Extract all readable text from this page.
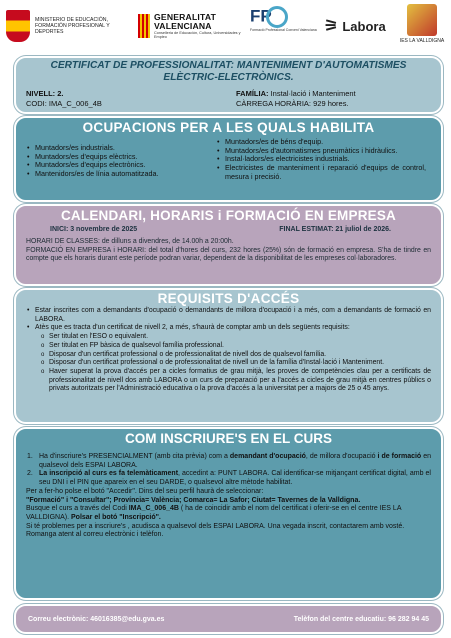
MINISTERIO DE EDUCACIÓN, FORMACIÓN PROFESIONAL Y DEPORTES
GENERALITAT VALENCIANA
Conselleria de Educación, Cultura, Universidades y Empleo
FP
Formació Professional Conveni Valenciana ⚞ Labora
IES LA VALLDIGNA
CERTIFICAT DE PROFESSIONALITAT: MANTENIMENT D'AUTOMATISMES ELÈCTRIC-ELECTRÒNICS.
NIVELL: 2.
CODI: IMA_C_006_4B
FAMÍLIA: Instal·lació i Manteniment
CÀRREGA HORÀRIA: 929 hores.
OCUPACIONS PER A LES QUALS HABILITA
• Muntadors/es industrials.
• Muntadors/es d'equips elèctrics.
• Muntadors/es d'equips electrònics.
• Mantenidors/es de línia automatitzada.
• Muntadors/es de béns d'equip.
• Muntadors/es d'automatismes pneumàtics i hidràulics.
• Instal·ladors/es electricistes industrials.
• Electricistes de manteniment i reparació d'equips de control, mesura i precisió.
CALENDARI, HORARIS i FORMACIÓ EN EMPRESA
INICI: 3 novembre de 2025	FINAL ESTIMAT: 21 juliol de 2026.

HORARI DE CLASSES: de dilluns a divendres, de 14.00h a 20:00h.

FORMACIÓ EN EMPRESA i HORARI: del total d'hores del curs, 232 hores (25%) són de formació en empresa. S'ha de tindre en compte que els horaris durant este període podran variar, dependent de la disponibilitat de les empreses col·laboradores.

REQUISITS D'ACCÉS
• Estar inscrites com a demandants d'ocupació o demandants de millora d'ocupació i a més, com a demandants de formació en LABORA.
• Atès que es tracta d'un certificat de nivell 2, a més, s'haurà de comptar amb un dels següents requisits:
o Ser titulat en l'ESO o equivalent.
o Ser titulat en FP bàsica de qualsevol família professional.
o Disposar d'un certificat professional o de professionalitat de nivell dos de qualsevol família.
o Disposar d'un certificat professional o de professionalitat de nivell un de la família d'Instal·lació i Manteniment.
o Haver superat la prova d'accés per a cicles formatius de grau mitjà, les proves de competències clau per a certificats de professionalitat de nivell dos amb LABORA o un curs de preparació per a l'accés a cicles de grau mitjà en centres públics o privats autoritzats per l'Administració educativa o la prova d'accés a la universitat per a majors de 25 o 45 anys.
COM INSCRIURE'S EN EL CURS
1. Ha d'inscriure's PRESENCIALMENT (amb cita prèvia) com a demandant d'ocupació, de millora d'ocupació i de formació en qualsevol dels ESPAI LABORA.
2. La inscripció al curs es fa telemàticament, accedint a: PUNT LABORA. Cal identificar-se mitjançant certificat digital, amb el seu DNI i el PIN que apareix en el seu DARDE, o qualsevol altre mètode habilitat.

Per a fer-ho polse el botó "Accedir". Dins del seu perfil haurà de seleccionar:

"Formació" i "Consultar"; Província= València; Comarca= La Safor; Ciutat= Tavernes de la Valldigna.

Busque el curs a través del Codi IMA_C_006_4B ( ha de coincidir amb el nom del certificat i oferir-se en el centre IES LA VALLDIGNA). Polsar el botó "Inscripció".

Si té problemes per a inscriure's , acudisca a qualsevol dels ESPAI LABORA. Una vegada inscrit, contactarem amb vosté. Romanga atent al correu electrònic i telèfon.

Correu electrònic: 46016385@edu.gva.es	Telèfon del centre educatiu: 96 282 94 45
